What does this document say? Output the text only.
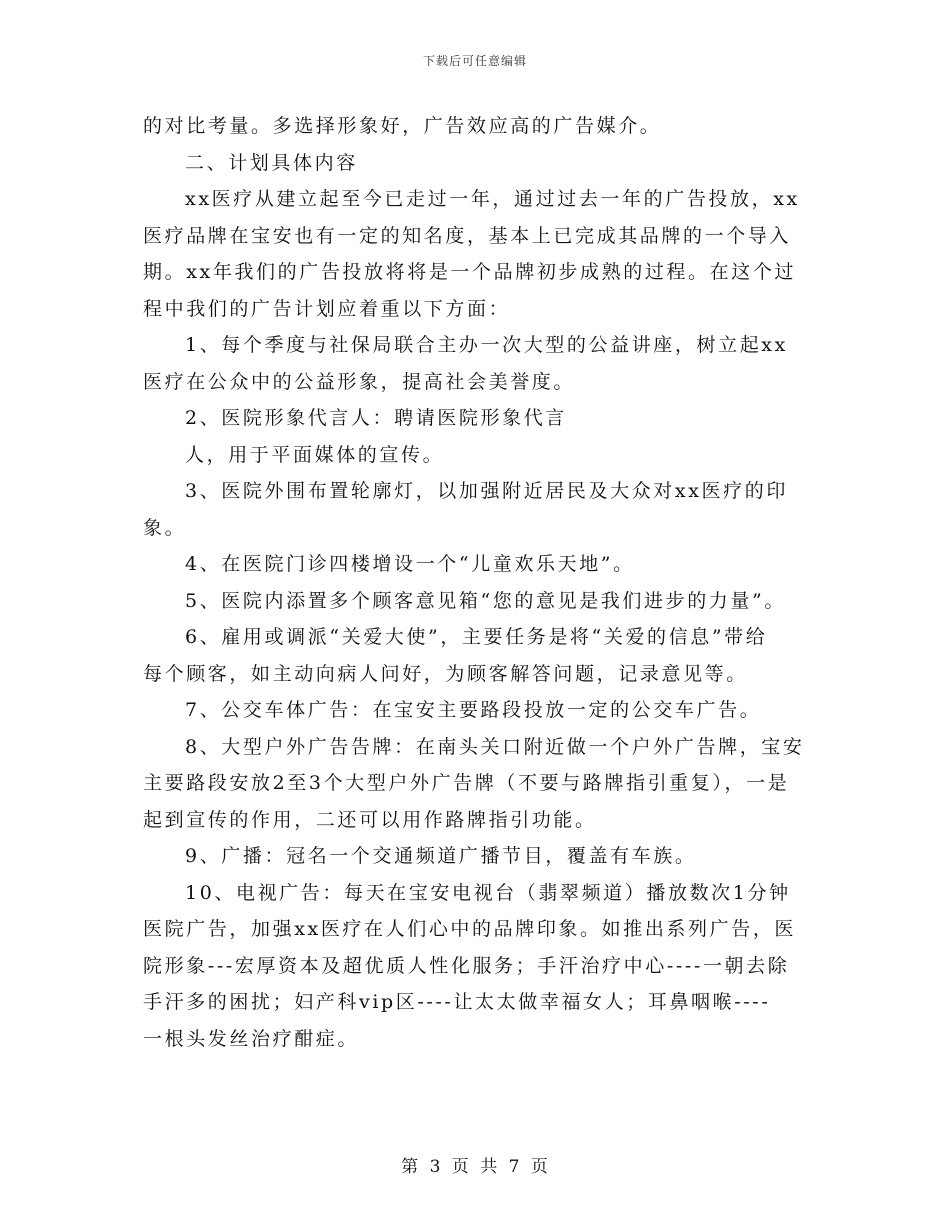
下载后可任意编辑
的对比考量。多选择形象好，广告效应高的广告媒介。
二、计划具体内容
xx医疗从建立起至今已走过一年，通过过去一年的广告投放，xx
医疗品牌在宝安也有一定的知名度，基本上已完成其品牌的一个导入
期。xx年我们的广告投放将将是一个品牌初步成熟的过程。在这个过
程中我们的广告计划应着重以下方面：
1、每个季度与社保局联合主办一次大型的公益讲座，树立起xx
医疗在公众中的公益形象，提高社会美誉度。
2、医院形象代言人：聘请医院形象代言
人，用于平面媒体的宣传。
3、医院外围布置轮廓灯，以加强附近居民及大众对xx医疗的印
象。
4、在医院门诊四楼增设一个“儿童欢乐天地”。
5、医院内添置多个顾客意见箱“您的意见是我们进步的力量”。
6、雇用或调派“关爱大使”，主要任务是将“关爱的信息”带给
每个顾客，如主动向病人问好，为顾客解答问题，记录意见等。
7、公交车体广告：在宝安主要路段投放一定的公交车广告。
8、大型户外广告告牌：在南头关口附近做一个户外广告牌，宝安
主要路段安放2至3个大型户外广告牌（不要与路牌指引重复），一是
起到宣传的作用，二还可以用作路牌指引功能。
9、广播：冠名一个交通频道广播节目，覆盖有车族。
10、电视广告：每天在宝安电视台（翡翠频道）播放数次1分钟
医院广告，加强xx医疗在人们心中的品牌印象。如推出系列广告，医
院形象---宏厚资本及超优质人性化服务；手汗治疗中心----一朝去除
手汗多的困扰；妇产科vip区----让太太做幸福女人；耳鼻咽喉----
一根头发丝治疗酣症。
第 3 页 共 7 页
